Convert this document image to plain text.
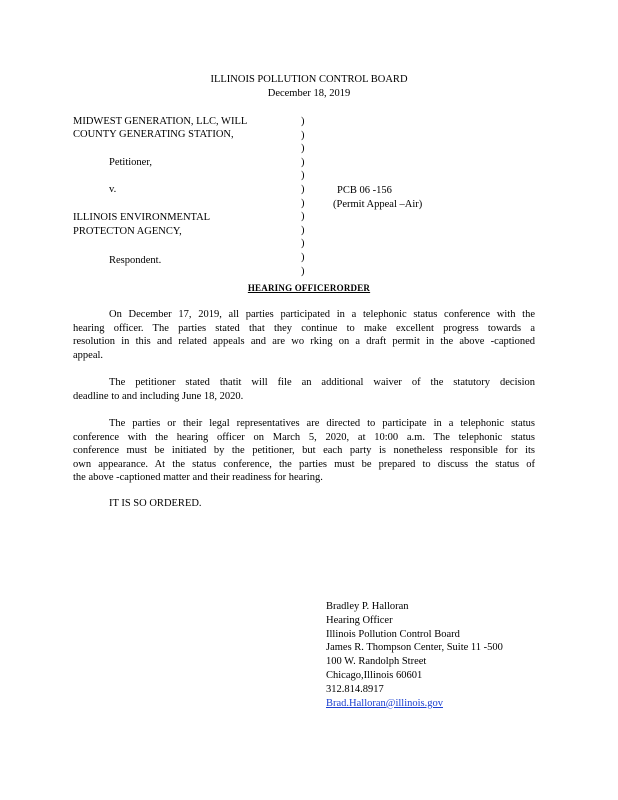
ILLINOIS POLLUTION CONTROL BOARD
December 18, 2019
MIDWEST GENERATION, LLC, WILL
COUNTY GENERATING STATION,
Petitioner,
v.
ILLINOIS ENVIRONMENTAL
PROTECTON AGENCY,
Respondent.
PCB 06 -156
(Permit Appeal –Air)
)
)
)
)
)
)
)
)
)
)
)
)
HEARING OFFICERORDER
On December 17, 2019, all parties participated in a telephonic status conference with the
hearing officer. The parties stated that they continue to make excellent progress towards a
resolution in this and related appeals and are wo rking on a draft permit in the above -captioned
appeal.
The petitioner stated thatit will file an additional waiver of the statutory decision
deadline to and including June 18, 2020.
The parties or their legal representatives are directed to participate in a telephonic status
conference with the hearing officer on March 5, 2020, at 10:00 a.m. The telephonic status
conference must be initiated by the petitioner, but each party is nonetheless responsible for its
own appearance. At the status conference, the parties must be prepared to discuss the status of
the above -captioned matter and their readiness for hearing.
IT IS SO ORDERED.
Bradley P. Halloran
Hearing Officer
Illinois Pollution Control Board
James R. Thompson Center, Suite 11 -500
100 W. Randolph Street
Chicago,Illinois 60601
312.814.8917
Brad.Halloran@illinois.gov
